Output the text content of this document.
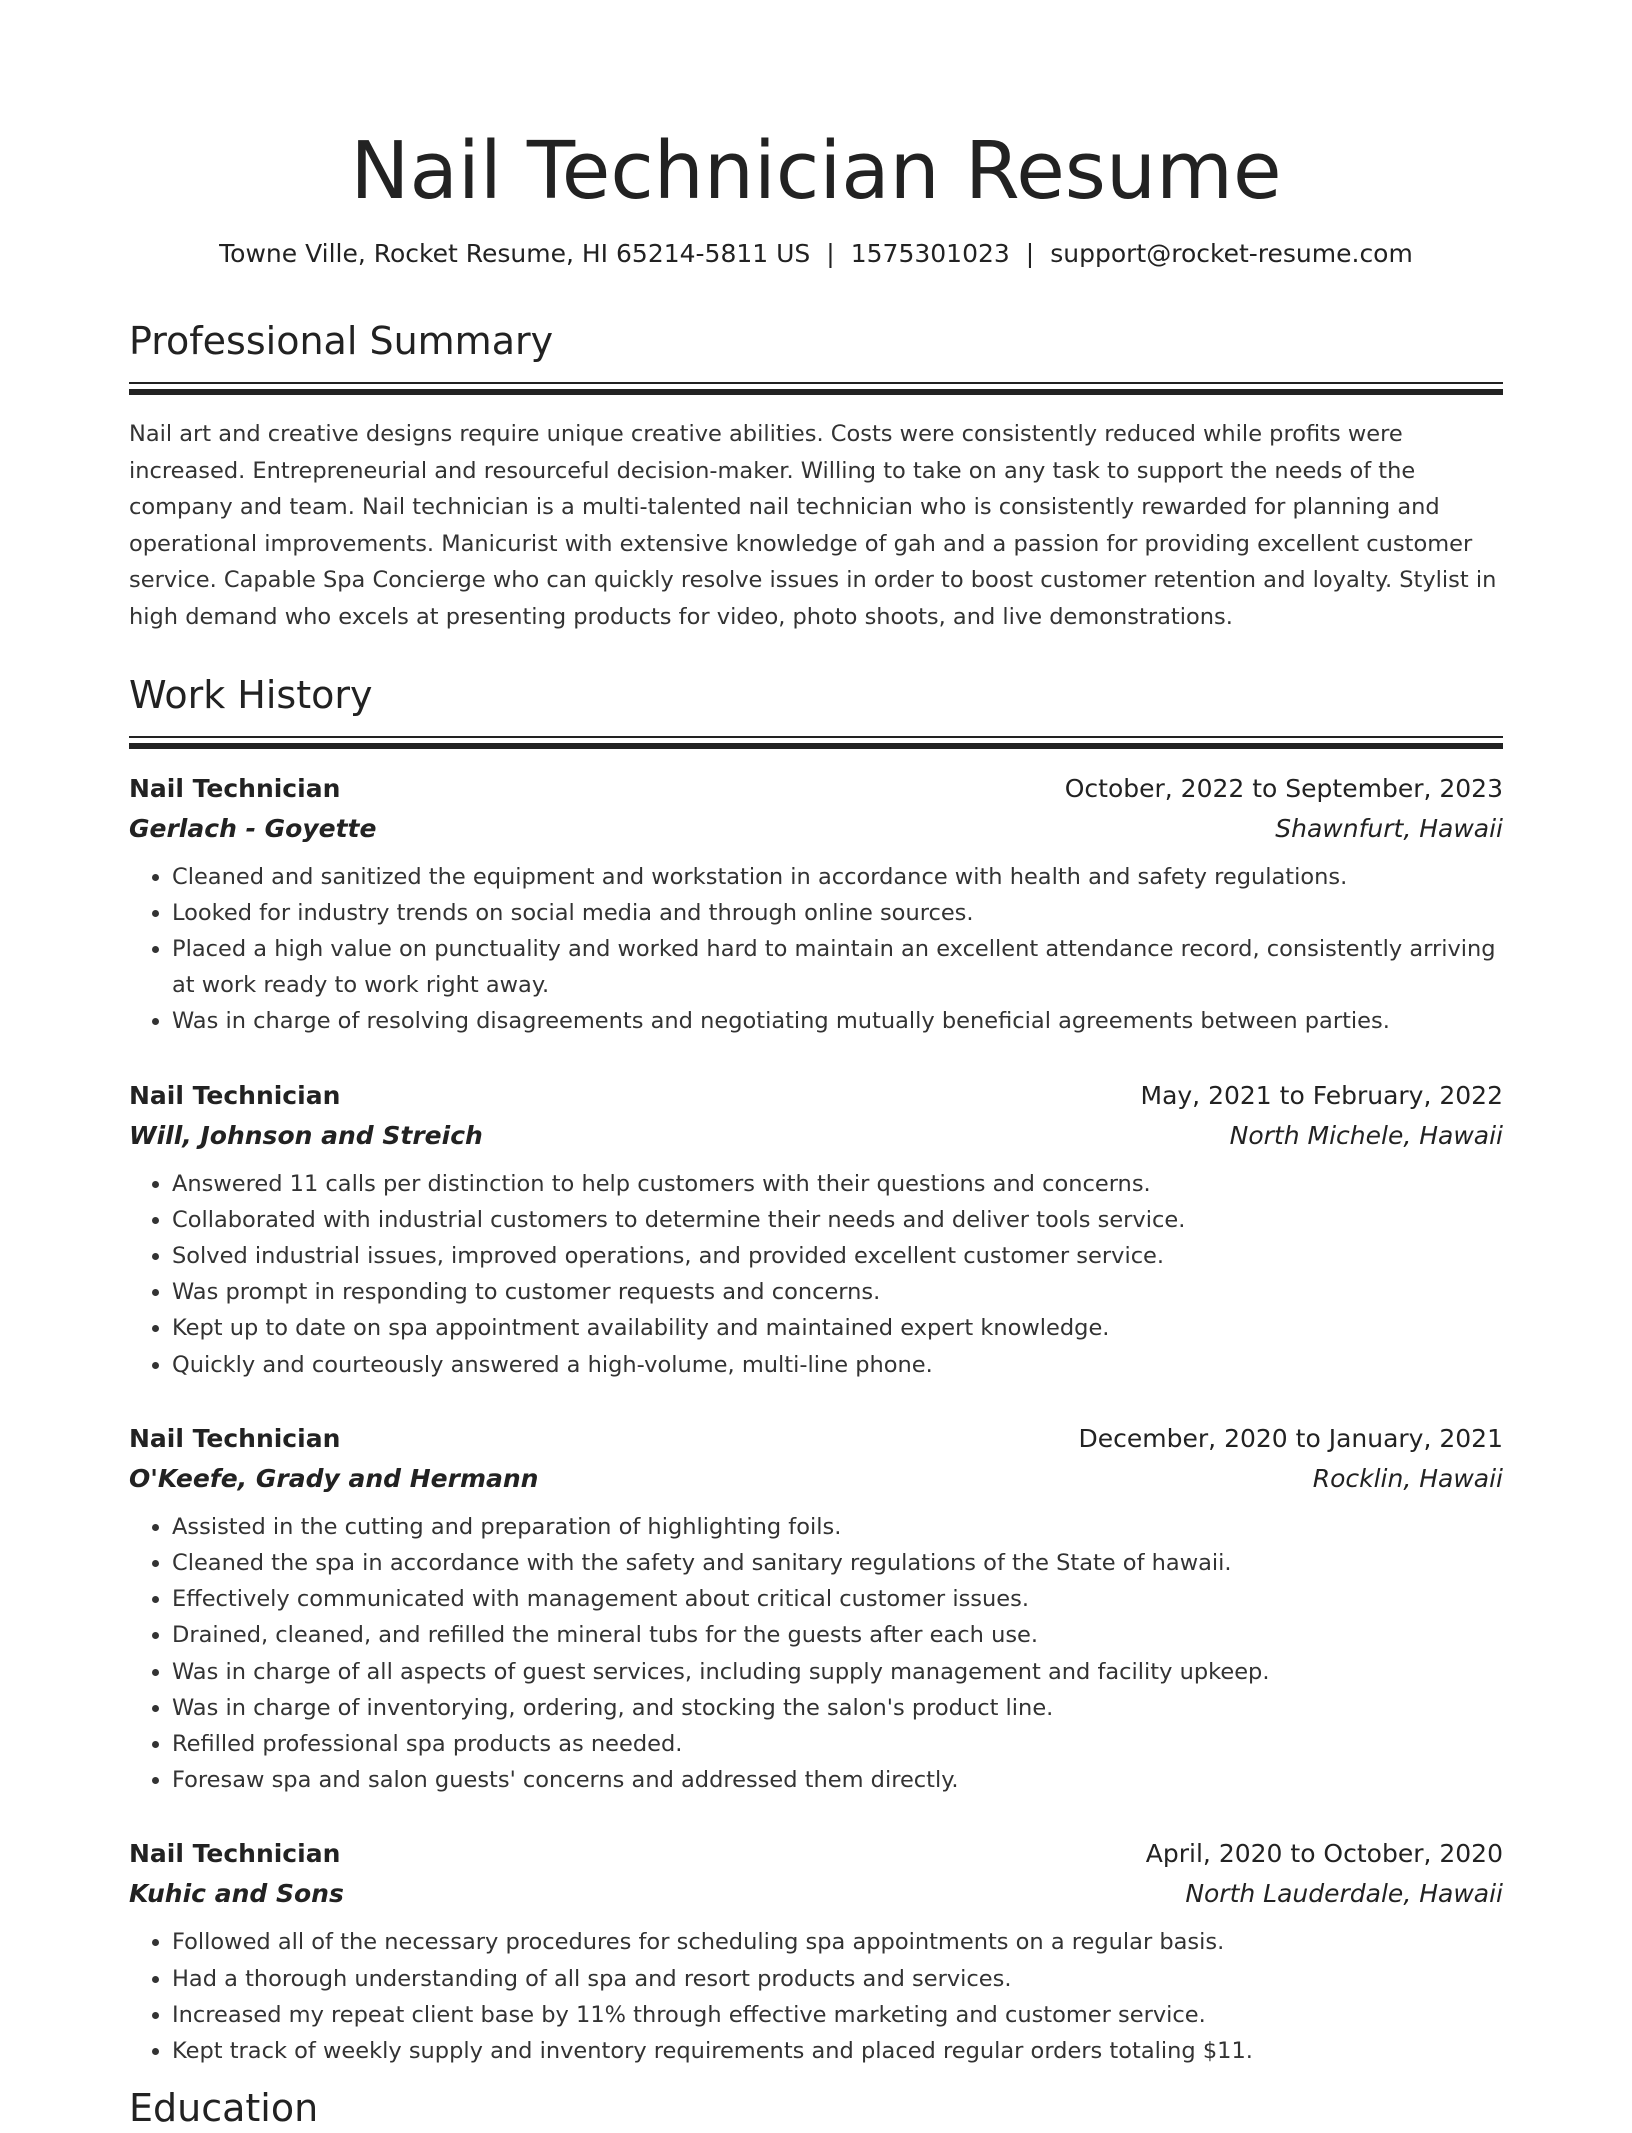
Nail Technician Resume
Towne Ville, Rocket Resume, HI 65214-5811 US | 1575301023 | support@rocket-resume.com
Professional Summary

Nail art and creative designs require unique creative abilities. Costs were consistently reduced while profits were increased. Entrepreneurial and resourceful decision-maker. Willing to take on any task to support the needs of the company and team. Nail technician is a multi-talented nail technician who is consistently rewarded for planning and operational improvements. Manicurist with extensive knowledge of gah and a passion for providing excellent customer service. Capable Spa Concierge who can quickly resolve issues in order to boost customer retention and loyalty. Stylist in high demand who excels at presenting products for video, photo shoots, and live demonstrations.

Work History
Nail Technician	October, 2022 to September, 2023
Gerlach - Goyette	Shawnfurt, Hawaii
• Cleaned and sanitized the equipment and workstation in accordance with health and safety regulations.
• Looked for industry trends on social media and through online sources.
• Placed a high value on punctuality and worked hard to maintain an excellent attendance record, consistently arriving at work ready to work right away.
• Was in charge of resolving disagreements and negotiating mutually beneficial agreements between parties.
Nail Technician	May, 2021 to February, 2022
Will, Johnson and Streich	North Michele, Hawaii
• Answered 11 calls per distinction to help customers with their questions and concerns.
• Collaborated with industrial customers to determine their needs and deliver tools service.
• Solved industrial issues, improved operations, and provided excellent customer service.
• Was prompt in responding to customer requests and concerns.
• Kept up to date on spa appointment availability and maintained expert knowledge.
• Quickly and courteously answered a high-volume, multi-line phone.
Nail Technician	December, 2020 to January, 2021
O'Keefe, Grady and Hermann	Rocklin, Hawaii
• Assisted in the cutting and preparation of highlighting foils.
• Cleaned the spa in accordance with the safety and sanitary regulations of the State of hawaii.
• Effectively communicated with management about critical customer issues.
• Drained, cleaned, and refilled the mineral tubs for the guests after each use.
• Was in charge of all aspects of guest services, including supply management and facility upkeep.
• Was in charge of inventorying, ordering, and stocking the salon's product line.
• Refilled professional spa products as needed.
• Foresaw spa and salon guests' concerns and addressed them directly.
Nail Technician	April, 2020 to October, 2020
Kuhic and Sons	North Lauderdale, Hawaii
• Followed all of the necessary procedures for scheduling spa appointments on a regular basis.
• Had a thorough understanding of all spa and resort products and services.
• Increased my repeat client base by 11% through effective marketing and customer service.
• Kept track of weekly supply and inventory requirements and placed regular orders totaling $11.
Education
